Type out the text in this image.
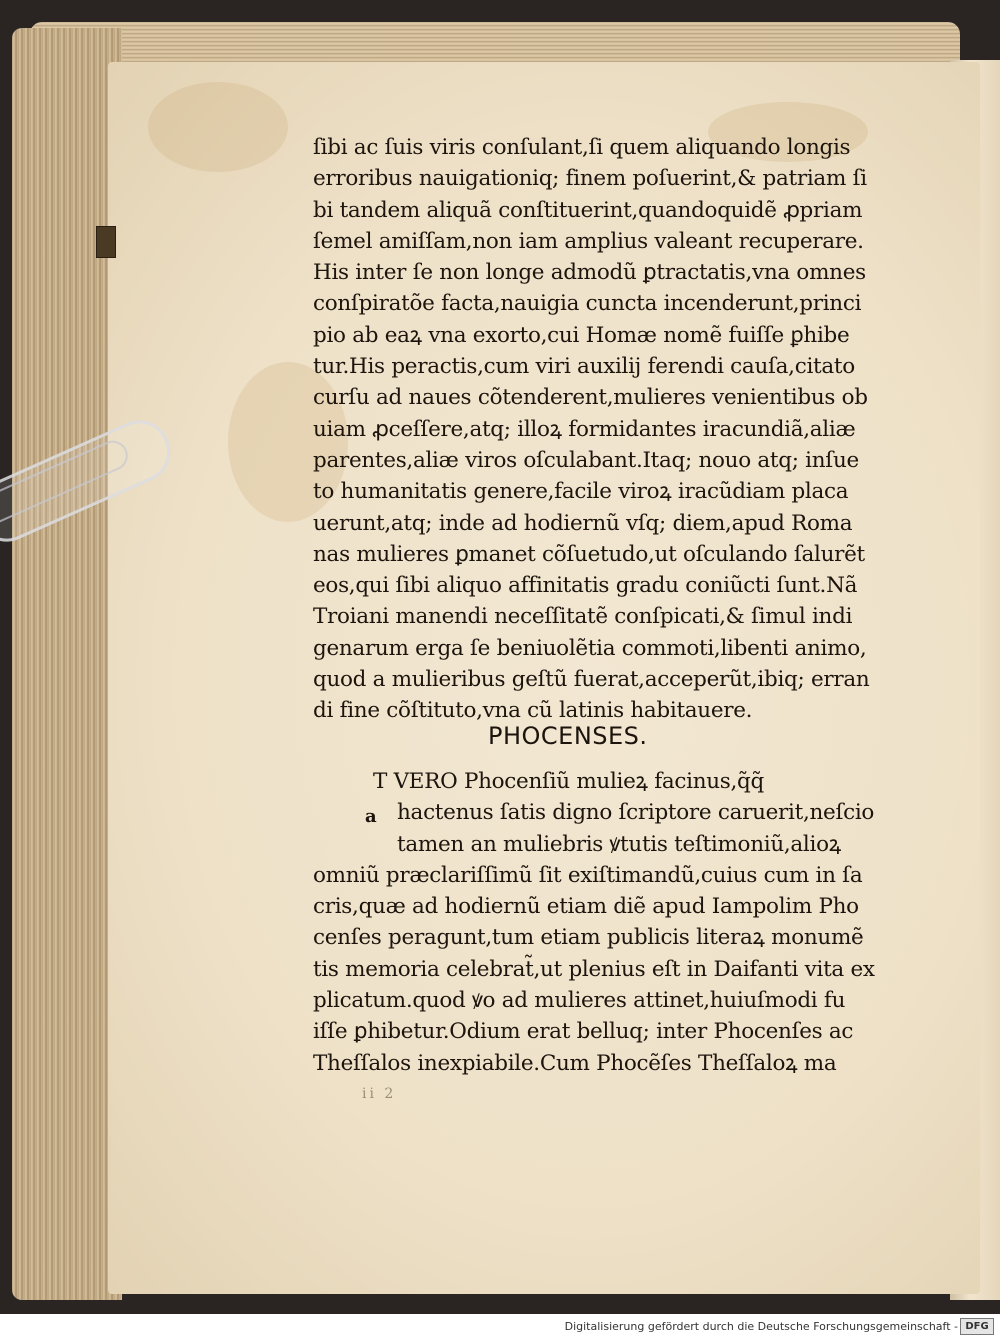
ſibi ac ſuis viris conſulant,ſi quem aliquando longis
erroribus nauigationiq; finem poſuerint,& patriam ſi
bi tandem aliquã conſtituerint,quandoquidẽ ꝓpriam
ſemel amiſſam,non iam amplius valeant recuperare.
His inter ſe non longe admodũ ꝑtractatis,vna omnes
conſpiratõe facta,nauigia cuncta incenderunt,princi
pio ab eaꝝ vna exorto,cui Homæ nomẽ fuiſſe ꝑhibe
tur.His peractis,cum viri auxilij ferendi cauſa,citato
curſu ad naues cõtenderent,mulieres venientibus ob
uiam ꝓceſſere,atq; illoꝝ formidantes iracundiã,aliæ
parentes,aliæ viros oſculabant.Itaq; nouo atq; inſue
to humanitatis genere,facile viroꝝ iracũdiam placa
uerunt,atq; inde ad hodiernũ vſq; diem,apud Roma
nas mulieres ꝑmanet cõſuetudo,ut oſculando ſalurẽt
eos,qui ſibi aliquo affinitatis gradu coniũcti ſunt.Nã
Troiani manendi neceſſitatẽ conſpicati,& ſimul indi
genarum erga ſe beniuolẽtia commoti,libenti animo,
quod a mulieribus geſtũ fuerat,acceperũt,ibiq; erran
di fine cõſtituto,vna cũ latinis habitauere.
PHOCENSES.
a
T VERO Phocenſiũ mulieꝝ facinus,q̃q̃
hactenus ſatis digno ſcriptore caruerit,neſcio
tamen an muliebris ꝟtutis teſtimoniũ,alioꝝ
omniũ præclariſſimũ ſit exiſtimandũ,cuius cum in ſa
cris,quæ ad hodiernũ etiam diẽ apud Iampolim Pho
cenſes peragunt,tum etiam publicis literaꝝ monumẽ
tis memoria celebrat̃,ut plenius eſt in Daifanti vita ex
plicatum.quod ꝟo ad mulieres attinet,huiuſmodi fu
iſſe ꝑhibetur.Odium erat belluq; inter Phocenſes ac
Theſſalos inexpiabile.Cum Phocẽſes Theſſaloꝝ ma
ii 2
Digitalisierung gefördert durch die Deutsche Forschungsgemeinschaft - DFG
